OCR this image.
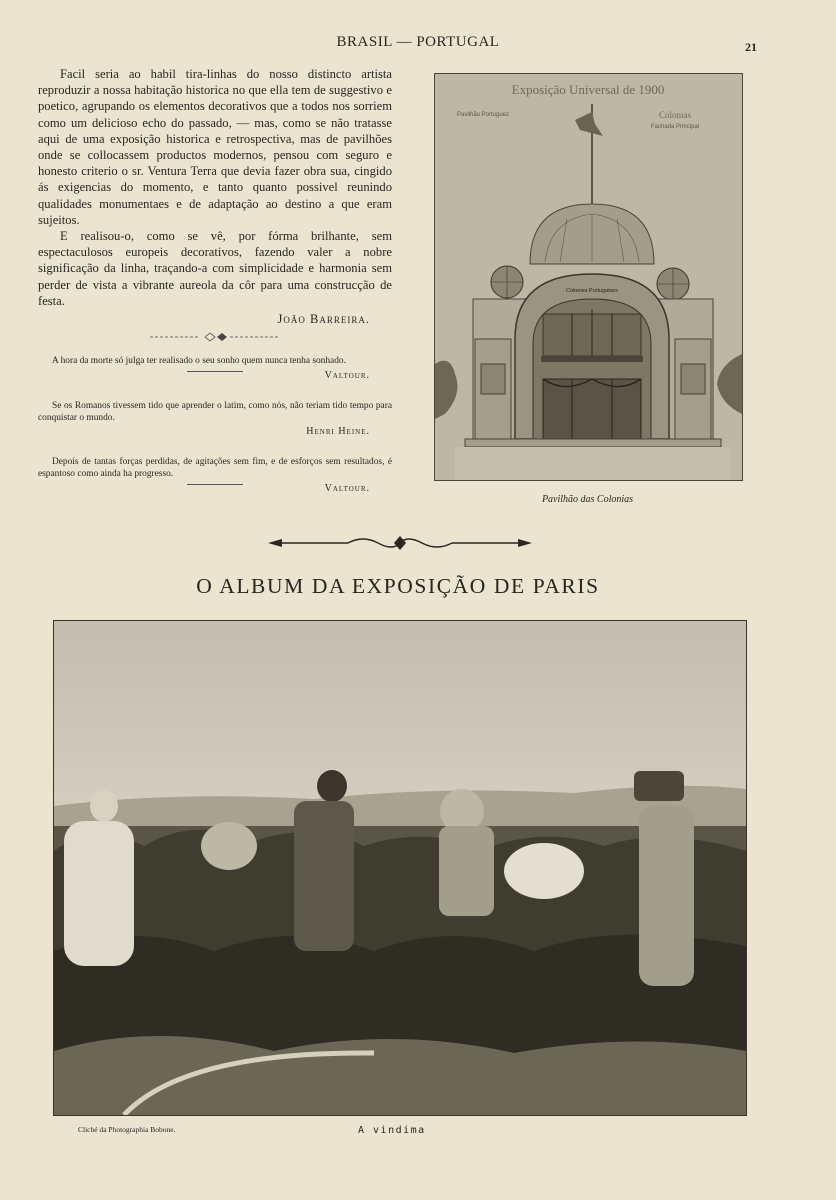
BRASIL — PORTUGAL	21

Facil seria ao habil tira-linhas do nosso distincto artista reproduzir a nossa habitação historica no que ella tem de suggestivo e poetico, agrupando os elementos decorativos que a todos nos sorriem como um delicioso echo do passado, — mas, como se não tratasse aqui de uma exposição historica e retrospectiva, mas de pavilhões onde se collocassem productos modernos, pensou com seguro e honesto criterio o sr. Ventura Terra que devia fazer obra sua, cingido ás exigencias do momento, e tanto quanto possivel reunindo qualidades monumentaes e de adaptação ao destino a que eram sujeitos.

E realisou-o, como se vê, por fórma brilhante, sem espectaculosos europeis decorativos, fazendo valer a nobre significação da linha, traçando-a com simplicidade e harmonia sem perder de vista a vibrante aureola da côr para uma construcção de festa.

João Barreira.
A hora da morte só julga ter realisado o seu sonho quem nunca tenha sonhado.
Valtour.
Se os Romanos tivessem tido que aprender o latim, como nós, não teriam tido tempo para conquistar o mundo.
Henri Heine.
Depois de tantas forças perdidas, de agitações sem fim, e de esforços sem resultados, é espantoso como ainda ha progresso.
Valtour.
Exposição Universal de 1900
Pavilhão Portuguez	Colonias
Fachada Principal
Colonies Portugaises
Pavilhão das Colonias
O ALBUM DA EXPOSIÇÃO DE PARIS
Cliché da Photographia Bobone.	A vindima
